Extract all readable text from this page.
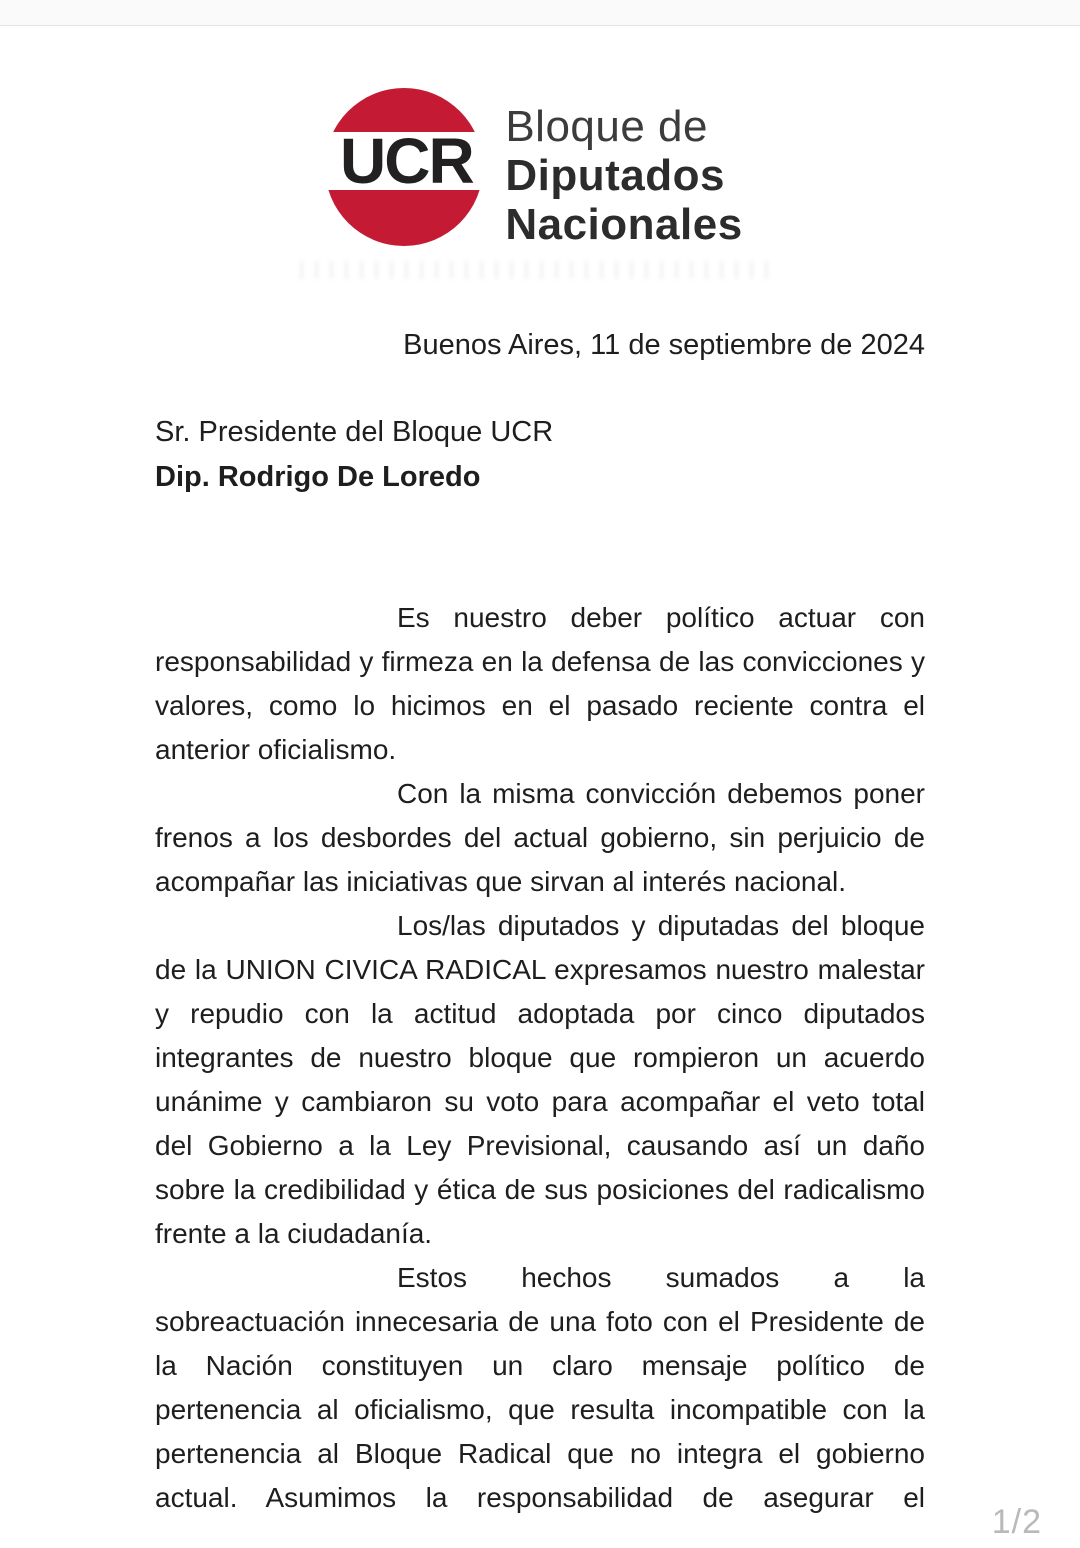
UCR Bloque de
Diputados
Nacionales

Buenos Aires, 11 de septiembre de 2024

Sr. Presidente del Bloque UCR
Dip. Rodrigo De Loredo

Es nuestro deber político actuar con responsabilidad y firmeza en la defensa de las convicciones y valores, como lo hicimos en el pasado reciente contra el anterior oficialismo.

Con la misma convicción debemos poner frenos a los desbordes del actual gobierno, sin perjuicio de acompañar las iniciativas que sirvan al interés nacional.

Los/las diputados y diputadas del bloque de la UNION CIVICA RADICAL expresamos nuestro malestar y repudio con la actitud adoptada por cinco diputados integrantes de nuestro bloque que rompieron un acuerdo unánime y cambiaron su voto para acompañar el veto total del Gobierno a la Ley Previsional, causando así un daño sobre la credibilidad y ética de sus posiciones del radicalismo frente a la ciudadanía.

Estos hechos sumados a la sobreactuación innecesaria de una foto con el Presidente de la Nación constituyen un claro mensaje político de pertenencia al oficialismo, que resulta incompatible con la pertenencia al Bloque Radical que no integra el gobierno actual. Asumimos la responsabilidad de asegurar el

1/2
